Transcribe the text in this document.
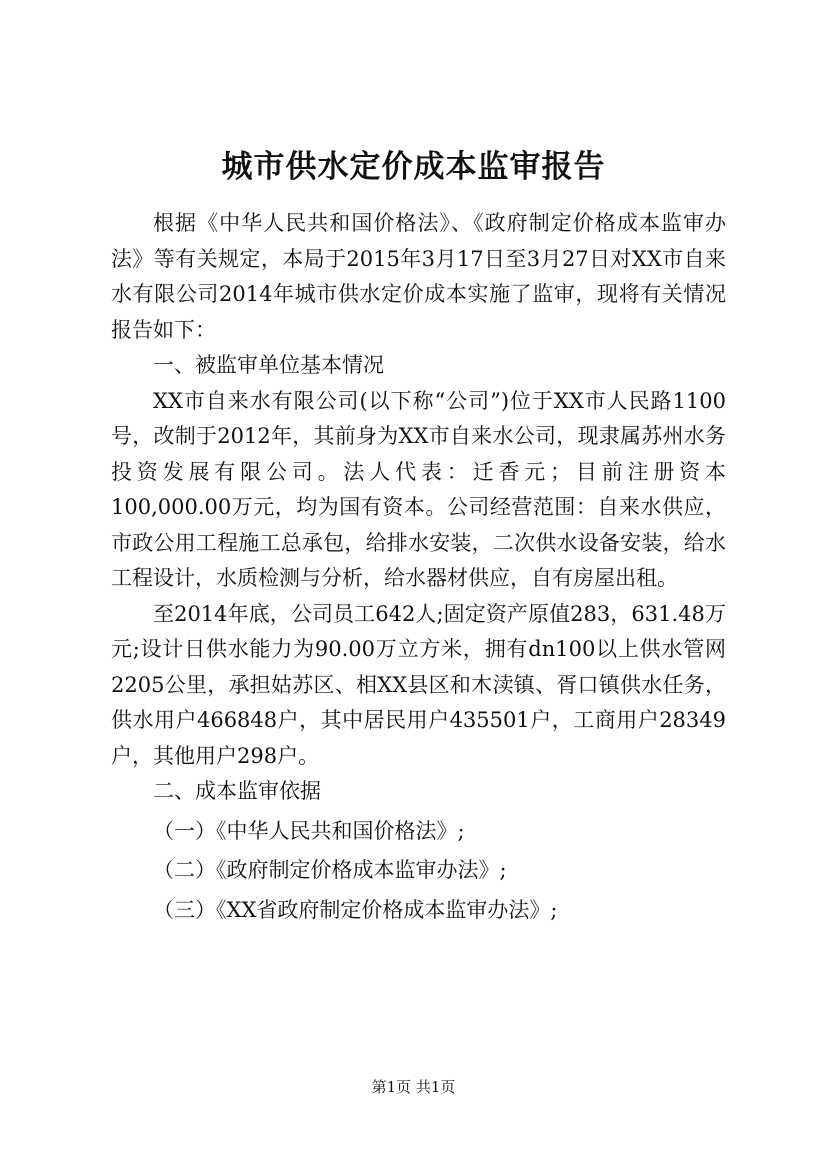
城市供水定价成本监审报告

根据《中华人民共和国价格法》、《政府制定价格成本监审办法》等有关规定，本局于2015年3月17日至3月27日对XX市自来水有限公司2014年城市供水定价成本实施了监审，现将有关情况报告如下：

一、被监审单位基本情况

XX市自来水有限公司(以下称“公司”)位于XX市人民路1100号，改制于2012年，其前身为XX市自来水公司，现隶属苏州水务投资发展有限公司。法人代表：迁香元；目前注册资本100,000.00万元，均为国有资本。公司经营范围：自来水供应，市政公用工程施工总承包，给排水安装，二次供水设备安装，给水工程设计，水质检测与分析，给水器材供应，自有房屋出租。

至2014年底，公司员工642人;固定资产原值283，631.48万元;设计日供水能力为90.00万立方米，拥有dn100以上供水管网2205公里，承担姑苏区、相XX县区和木渎镇、胥口镇供水任务，供水用户466848户，其中居民用户435501户，工商用户28349户，其他用户298户。

二、成本监审依据

（一）《中华人民共和国价格法》;

（二）《政府制定价格成本监审办法》;

（三）《XX省政府制定价格成本监审办法》;

第1页 共1页
